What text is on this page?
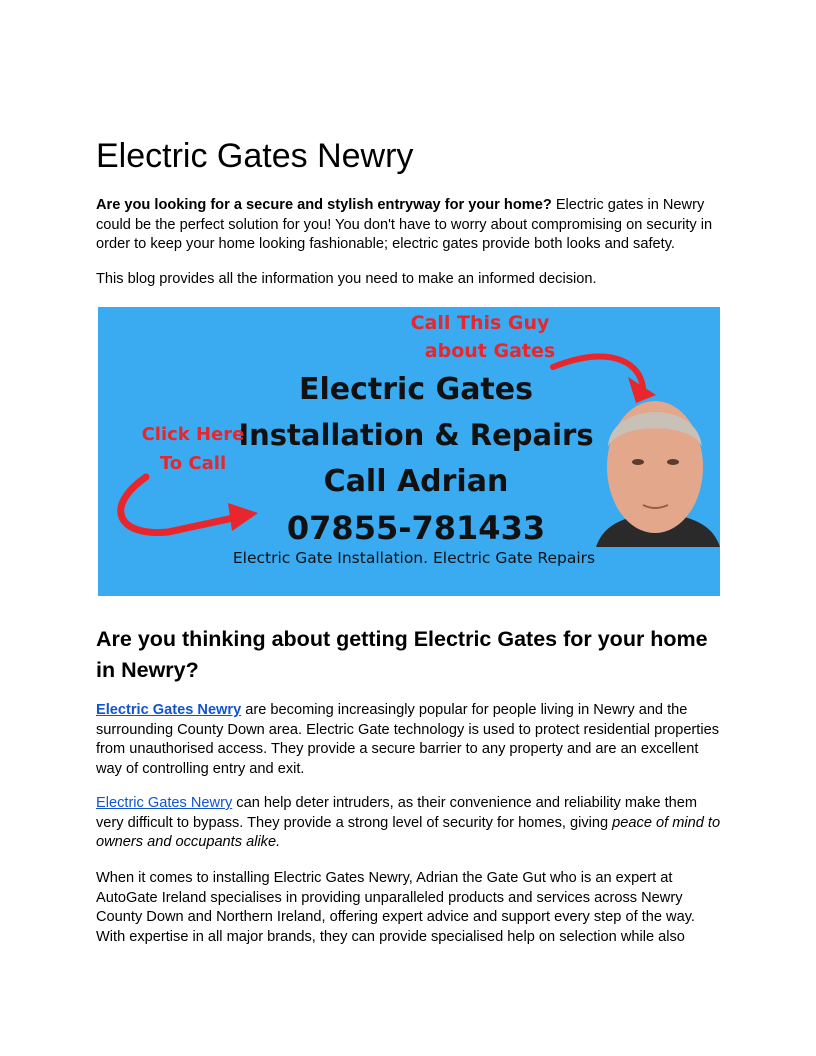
Electric Gates Newry

Are you looking for a secure and stylish entryway for your home? Electric gates in Newry could be the perfect solution for you! You don't have to worry about compromising on security in order to keep your home looking fashionable; electric gates provide both looks and safety.

This blog provides all the information you need to make an informed decision.

Call This Guy
about Gates
Electric Gates
Installation & Repairs
Call Adrian
07855-781433
Click Here
To Call
Electric Gate Installation. Electric Gate Repairs
Are you thinking about getting Electric Gates for your home in Newry?

Electric Gates Newry are becoming increasingly popular for people living in Newry and the surrounding County Down area. Electric Gate technology is used to protect residential properties from unauthorised access. They provide a secure barrier to any property and are an excellent way of controlling entry and exit.

Electric Gates Newry can help deter intruders, as their convenience and reliability make them very difficult to bypass. They provide a strong level of security for homes, giving peace of mind to owners and occupants alike.

When it comes to installing Electric Gates Newry, Adrian the Gate Gut who is an expert at AutoGate Ireland specialises in providing unparalleled products and services across Newry County Down and Northern Ireland, offering expert advice and support every step of the way. With expertise in all major brands, they can provide specialised help on selection while also
